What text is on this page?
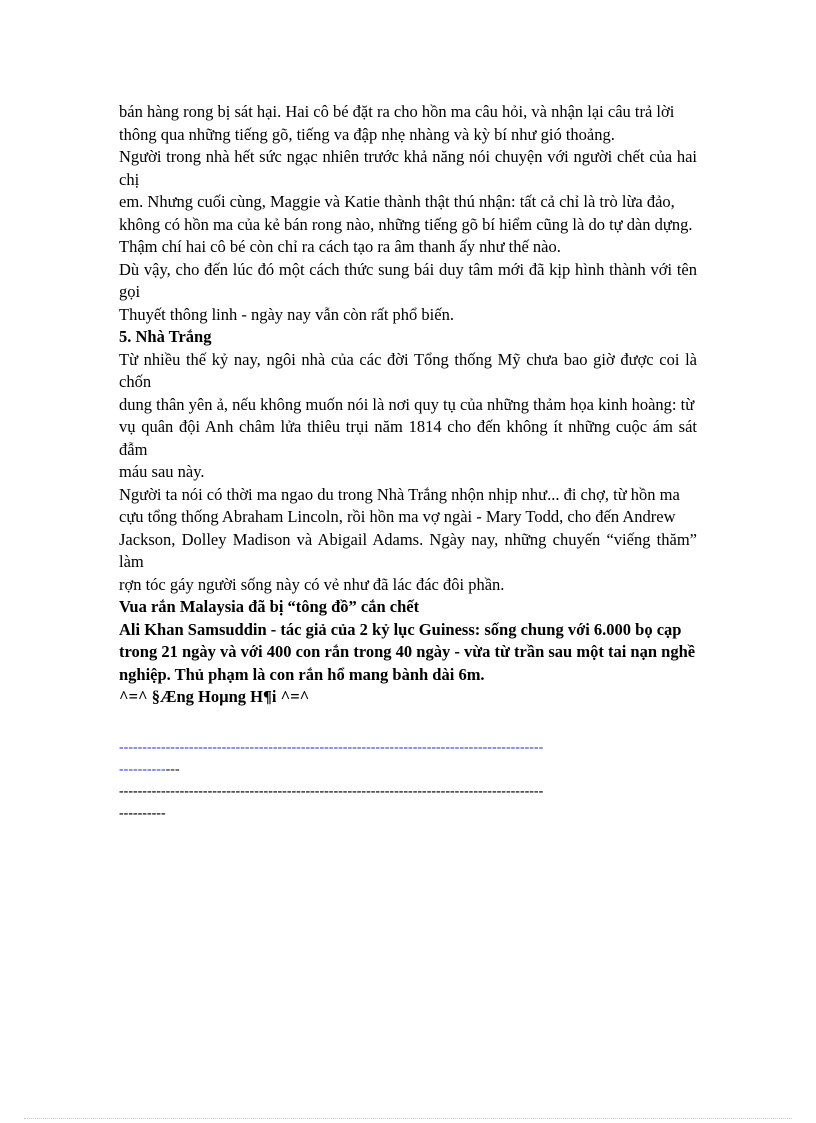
bán hàng rong bị sát hại. Hai cô bé đặt ra cho hồn ma câu hỏi, và nhận lại câu trả lời

thông qua những tiếng gõ, tiếng va đập nhẹ nhàng và kỳ bí như gió thoảng.

Người trong nhà hết sức ngạc nhiên trước khả năng nói chuyện với người chết của hai chị

em. Nhưng cuối cùng, Maggie và Katie thành thật thú nhận: tất cả chỉ là trò lừa đảo,

không có hồn ma của kẻ bán rong nào, những tiếng gõ bí hiểm cũng là do tự dàn dựng.

Thậm chí hai cô bé còn chỉ ra cách tạo ra âm thanh ấy như thế nào.

Dù vậy, cho đến lúc đó một cách thức sung bái duy tâm mới đã kịp hình thành với tên gọi

Thuyết thông linh - ngày nay vẫn còn rất phổ biến.

5. Nhà Trắng

Từ nhiều thế kỷ nay, ngôi nhà của các đời Tổng thống Mỹ chưa bao giờ được coi là chốn

dung thân yên ả, nếu không muốn nói là nơi quy tụ của những thảm họa kinh hoàng: từ

vụ quân đội Anh châm lửa thiêu trụi năm 1814 cho đến không ít những cuộc ám sát đẫm

máu sau này.

Người ta nói có thời ma ngao du trong Nhà Trắng nhộn nhịp như... đi chợ, từ hồn ma

cựu tổng thống Abraham Lincoln, rồi hồn ma vợ ngài - Mary Todd, cho đến Andrew

Jackson, Dolley Madison và Abigail Adams. Ngày nay, những chuyến “viếng thăm” làm

rợn tóc gáy người sống này có vẻ như đã lác đác đôi phần.

Vua rắn Malaysia đã bị “tông đồ” cắn chết

Ali Khan Samsuddin - tác giả của 2 kỷ lục Guiness: sống chung với 6.000 bọ cạp

trong 21 ngày và với 400 con rắn trong 40 ngày - vừa từ trần sau một tai nạn nghề

nghiệp. Thủ phạm là con rắn hổ mang bành dài 6m.

^=^ §Æng Hoµng H¶i ^=^

-------------------------------------------------------------------------------------------
-------------
-------------------------------------------------------------------------------------------
----------
